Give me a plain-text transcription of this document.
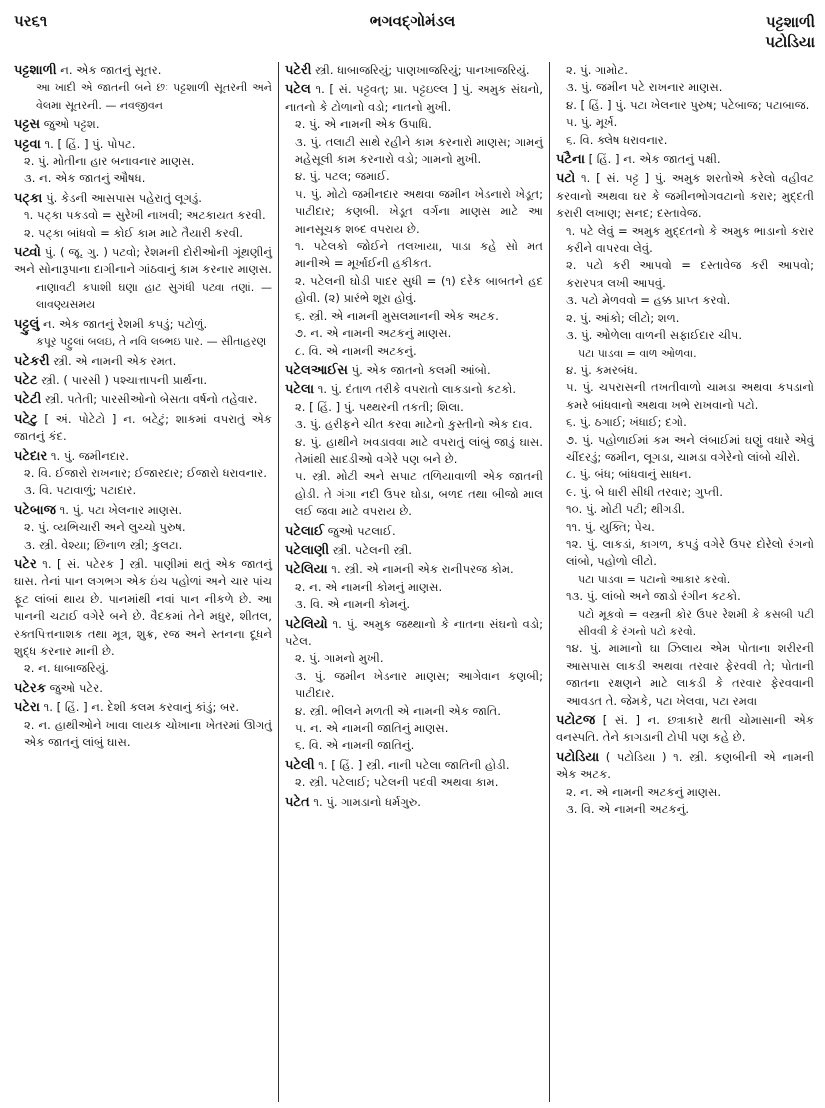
પર૬૧	ભગવદ્ગોમંડલ	પટ્ટશાળી
પટોડિયા
પટ્ટશાળી ન. એક જાતનું સૂતર.
આ ખાદી એ જાતની બને છઃ પટ્ટશાળી સૂતરની અને વેલમા સૂતરની. — નવજીવન
પટ્ટસ જુઓ પટ્ટશ.
પટ્ટવા ૧. [ હિં. ] પું. પોપટ.
૨. પું. મોતીના હાર બનાવનાર માણસ.
૩. ન. એક જાતનું ઔષધ.
પટ્કા પું. કેડની આસપાસ પહેરાતું લૂગડું.
૧. પટ્કા પકડવો = સુરેખી નાખવી; અટકાયત કરવી.
૨. પટ્કા બાંધવો = કોઈ કામ માટે તૈયારી કરવી.
પટ્વો પું. ( જૂ. ગુ. ) પટવો; રેશમની દોરીઓની ગૂંથણીનું અને સોનારૂપાના દાગીનાને ગાંઠવાનું કામ કરનાર માણસ.
નાણાવટી કપાશી ઘણા હાટ સુગંધી પટ્વા તણાં. — લાવણ્યસમય
પટ્ટુલું ન. એક જાતનું રેશમી કપડું; પટોળું.
કપૂર પટ્ટુલાં બલઇ, તે નવિ લબ્ભઇ પાર. — સીતાહરણ
પટેકરી સ્ત્રી. એ નામની એક રમત.
પટેટ સ્ત્રી. ( પારસી ) પશ્ચાત્તાપની પ્રાર્થના.
પટેટી સ્ત્રી. પતેતી; પારસીઓનો બેસતા વર્ષનો તહેવાર.
પટેટુ [ અં. પોટેટો ] ન. બટેટું; શાકમાં વપરાતું એક જાતનું કંદ.
પટેદાર ૧. પું. જમીનદાર.
૨. વિ. ઈજારો રાખનાર; ઈજારદાર; ઈજારો ધરાવનાર.
૩. વિ. પટાવાળું; પટાદાર.
પટેબાજ ૧. પું. પટા ખેલનાર માણસ.
૨. પું. વ્યભિચારી અને લુચ્ચો પુરુષ.
૩. સ્ત્રી. વેશ્યા; છિનાળ સ્ત્રી; કુલટા.
પટેર ૧. [ સં. પટેરક ] સ્ત્રી. પાણીમાં થતું એક જાતનું ઘાસ. તેનાં પાન લગભગ એક ઇંચ પહોળાં અને ચાર પાંચ ફૂટ લાંબાં થાય છે. પાનમાંથી નવાં પાન નીકળે છે. આ પાનની ચટાઈ વગેરે બને છે. વૈદકમાં તેને મધુર, શીતલ, રક્તપિત્તનાશક તથા મૂત્ર, શુક્ર, રજ અને સ્તનના દૂધને શુદ્ધ કરનાર માની છે.
૨. ન. ધાબાજરિયું.
પટેરક જુઓ પટેર.
પટેરા ૧. [ હિં. ] ન. દેશી કલમ કરવાનું કાંડું; બર.
૨. ન. હાથીઓને ખાવા લાયક ચોખાના ખેતરમાં ઊગતું એક જાતનું લાંબું ઘાસ.
પટેરી સ્ત્રી. ધાબાજરિયું; પાણખાજરિયું; પાનખાજરિયું.
પટેલ ૧. [ સં. પટ્ટવત્; પ્રા. પટ્ટઇલ્લ ] પું. અમુક સંઘનો, નાતનો કે ટોળાનો વડો; નાતનો મુખી.
૨. પું. એ નામની એક ઉપાધિ.
૩. પું. તલાટી સાથે રહીને કામ કરનારો માણસ; ગામનું મહેસૂલી કામ કરનારો વડો; ગામનો મુખી.
૪. પું. પટલ; જમાઈ.
૫. પું. મોટો જમીનદાર અથવા જમીન ખેડનારો ખેડૂત; પાટીદાર; કણબી. ખેડૂત વર્ગના માણસ માટે આ માનસૂચક શબ્દ વપરાય છે.
૧. પટેલકો જોઈને તલખાયા, પાડા કહે સો મત માનીએ = મૂર્ખાઈની હકીકત.
૨. પટેલની ઘોડી પાદર સુધી = (૧) દરેક બાબતને હદ હોવી. (૨) પ્રારંભે શૂરા હોવું.
૬. સ્ત્રી. એ નામની મુસલમાનની એક અટક.
૭. ન. એ નામની અટકનું માણસ.
૮. વિ. એ નામની અટકનું.
પટેલઆઈસ પું. એક જાતનો કલમી આંબો.
પટેલા ૧. પું. દંતાળ તરીકે વપરાતો લાકડાનો કટકો.
૨. [ હિં. ] પું. પથ્થરની તકતી; શિલા.
૩. પું. હરીફને ચીત કરવા માટેનો કુસ્તીનો એક દાવ.
૪. પું. હાથીને ખવડાવવા માટે વપરાતું લાંબું જાડું ઘાસ. તેમાંથી સાદડીઓ વગેરે પણ બને છે.
૫. સ્ત્રી. મોટી અને સપાટ તળિયાવાળી એક જાતની હોડી. તે ગંગા નદી ઉપર ઘોડા, બળદ તથા બીજો માલ લઈ જવા માટે વપરાય છે.
પટેલાઈ જુઓ પટલાઈ.
પટેલાણી સ્ત્રી. પટેલની સ્ત્રી.
પટેલિયા ૧. સ્ત્રી. એ નામની એક રાનીપરજ કોમ.
૨. ન. એ નામની કોમનું માણસ.
૩. વિ. એ નામની કોમનું.
પટેલિયો ૧. પું. અમુક જથ્થાનો કે નાતના સંઘનો વડો; પટેલ.
૨. પું. ગામનો મુખી.
૩. પું. જમીન ખેડનાર માણસ; આગેવાન કણબી; પાટીદાર.
૪. સ્ત્રી. ભીલને મળતી એ નામની એક જાતિ.
૫. ન. એ નામની જાતિનું માણસ.
૬. વિ. એ નામની જાતિનું.
પટેલી ૧. [ હિં. ] સ્ત્રી. નાની પટેલા જાતિની હોડી.
૨. સ્ત્રી. પટેલાઈ; પટેલની પદવી અથવા કામ.
પટેત ૧. પું. ગામડાનો ધર્મગુરુ.
૨. પું. ગામોટ.
૩. પું. જમીન પટે રાખનાર માણસ.
૪. [ હિં. ] પું. પટા ખેલનાર પુરુષ; પટેબાજ; પટાબાજ.
૫. પું. મૂર્ખ.
૬. વિ. ક્લેષ ધરાવનાર.
પટૈના [ હિં. ] ન. એક જાતનું પક્ષી.
પટો ૧. [ સં. પટ્ટ ] પું. અમુક શરતોએ કરેલો વહીવટ કરવાનો અથવા ઘર કે જમીનભોગવટાનો કરાર; મુદ્દતી કરારી લખાણ; સનદ; દસ્તાવેજ.
૧. પટે લેવું = અમુક મુદ્દતનો કે અમુક ભાડાનો કરાર કરીને વાપરવા લેવું.
૨. પટો કરી આપવો = દસ્તાવેજ કરી આપવો; કરારપત્ર લખી આપવું.
૩. પટો મેળવવો = હક્ક પ્રાપ્ત કરવો.
૨. પું. આંકો; લીટો; શળ.
૩. પું. ઓળેલા વાળની સફાઈદાર ચીપ.
પટા પાડવા = વાળ ઓળવા.
૪. પું. કમરબંધ.
૫. પું. ચપરાસની તખતીવાળો ચામડા અથવા કપડાનો કમરે બાંધવાનો અથવા ખભે રાખવાનો પટો.
૬. પું. ઠગાઈ; ખંધાઈ; દગો.
૭. પું. પહોળાઈમાં કમ અને લંબાઈમાં ઘણું વધારે એવું ચીંદરડું; જમીન, લૂગડા, ચામડા વગેરેનો લાંબો ચીરો.
૮. પું. બંધ; બાંધવાનું સાધન.
૯. પું. બે ધારી સીધી તરવાર; ગુપ્તી.
૧૦. પું. મોટી પટી; થીગડી.
૧૧. પું. યુક્તિ; પેચ.
૧૨. પું. લાકડાં, કાગળ, કપડું વગેરે ઉપર દોરેલો રંગનો લાંબો, પહોળો લીટો.
પટા પાડવા = પટાનો આકાર કરવો.
૧૩. પું. લાંબો અને જાડો રંગીન કટકો.
પટો મૂકવો = વસ્ત્રની કોર ઉપર રેશમી કે કસબી પટી સીવવી કે રંગનો પટો કરવો.
૧૪. પું. મામાનો ઘા ઝિલાય એમ પોતાના શરીરની આસપાસ લાકડી અથવા તરવાર ફેરવવી તે; પોતાની જાતના રક્ષણને માટે લાકડી કે તરવાર ફેરવવાની આવડત તે. જેમકે, પટા ખેલવા, પટા રમવા
પટોટજ [ સં. ] ન. છત્રાકારે થતી ચોમાસાની એક વનસ્પતિ. તેને કાગડાની ટોપી પણ કહે છે.
પટોડિયા ( પટોડિયા ) ૧. સ્ત્રી. કણબીની એ નામની એક અટક.
૨. ન. એ નામની અટકનું માણસ.
૩. વિ. એ નામની અટકનું.
